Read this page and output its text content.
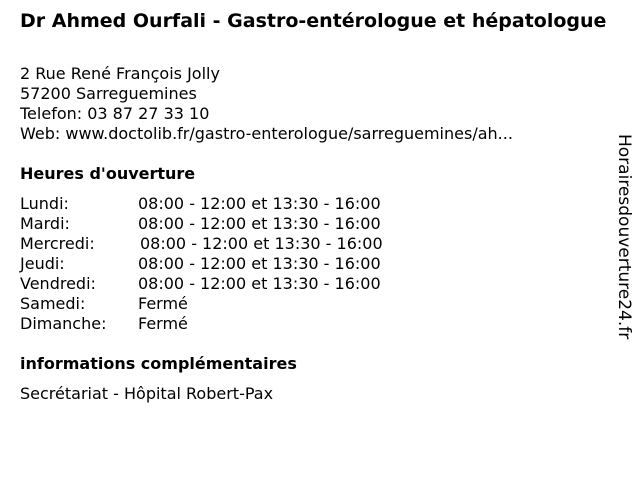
Dr Ahmed Ourfali - Gastro-entérologue et hépatologue
2 Rue René François Jolly
57200 Sarreguemines
Telefon: 03 87 27 33 10
Web: www.doctolib.fr/gastro-enterologue/sarreguemines/ah...
Heures d'ouverture
Lundi:	08:00 - 12:00 et 13:30 - 16:00
Mardi:	08:00 - 12:00 et 13:30 - 16:00
Mercredi:	08:00 - 12:00 et 13:30 - 16:00
Jeudi:	08:00 - 12:00 et 13:30 - 16:00
Vendredi:	08:00 - 12:00 et 13:30 - 16:00
Samedi:	Fermé
Dimanche: Fermé
informations complémentaires
Secrétariat - Hôpital Robert-Pax
Horairesdouverture24.fr
